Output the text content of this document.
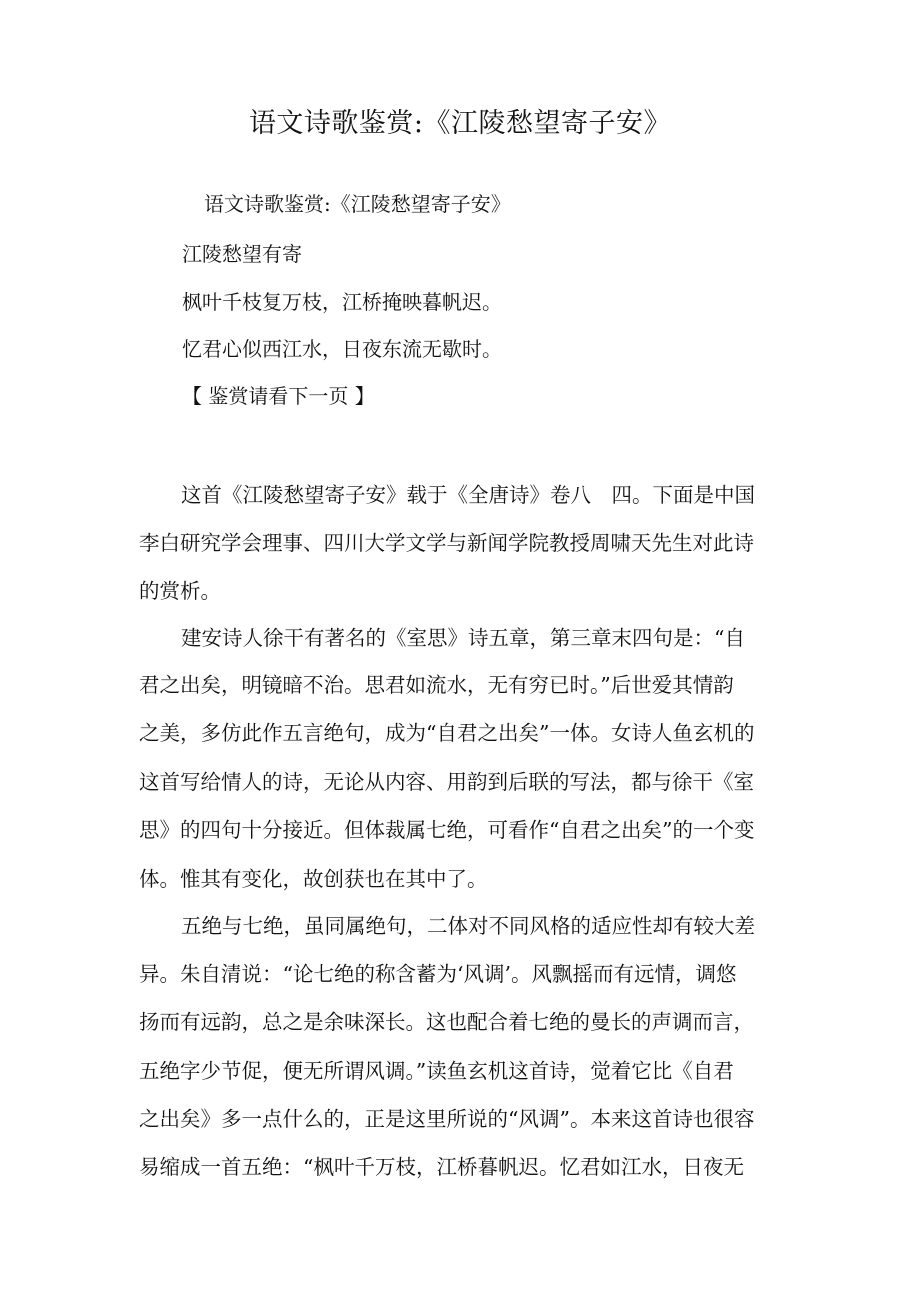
语文诗歌鉴赏:《江陵愁望寄子安》
语文诗歌鉴赏:《江陵愁望寄子安》
江陵愁望有寄
枫叶千枝复万枝，江桥掩映暮帆迟。
忆君心似西江水，日夜东流无歇时。
【 鉴赏请看下一页 】
这首《江陵愁望寄子安》载于《全唐诗》卷八　四。下面是中国
李白研究学会理事、四川大学文学与新闻学院教授周啸天先生对此诗
的赏析。
建安诗人徐干有著名的《室思》诗五章，第三章末四句是：“自
君之出矣，明镜暗不治。思君如流水，无有穷已时。”后世爱其情韵
之美，多仿此作五言绝句，成为“自君之出矣”一体。女诗人鱼玄机的
这首写给情人的诗，无论从内容、用韵到后联的写法，都与徐干《室
思》的四句十分接近。但体裁属七绝，可看作“自君之出矣”的一个变
体。惟其有变化，故创获也在其中了。
五绝与七绝，虽同属绝句，二体对不同风格的适应性却有较大差
异。朱自清说：“论七绝的称含蓄为‘风调’。风飘摇而有远情，调悠
扬而有远韵，总之是余味深长。这也配合着七绝的曼长的声调而言，
五绝字少节促，便无所谓风调。”读鱼玄机这首诗，觉着它比《自君
之出矣》多一点什么的，正是这里所说的“风调”。本来这首诗也很容
易缩成一首五绝：“枫叶千万枝，江桥暮帆迟。忆君如江水，日夜无
